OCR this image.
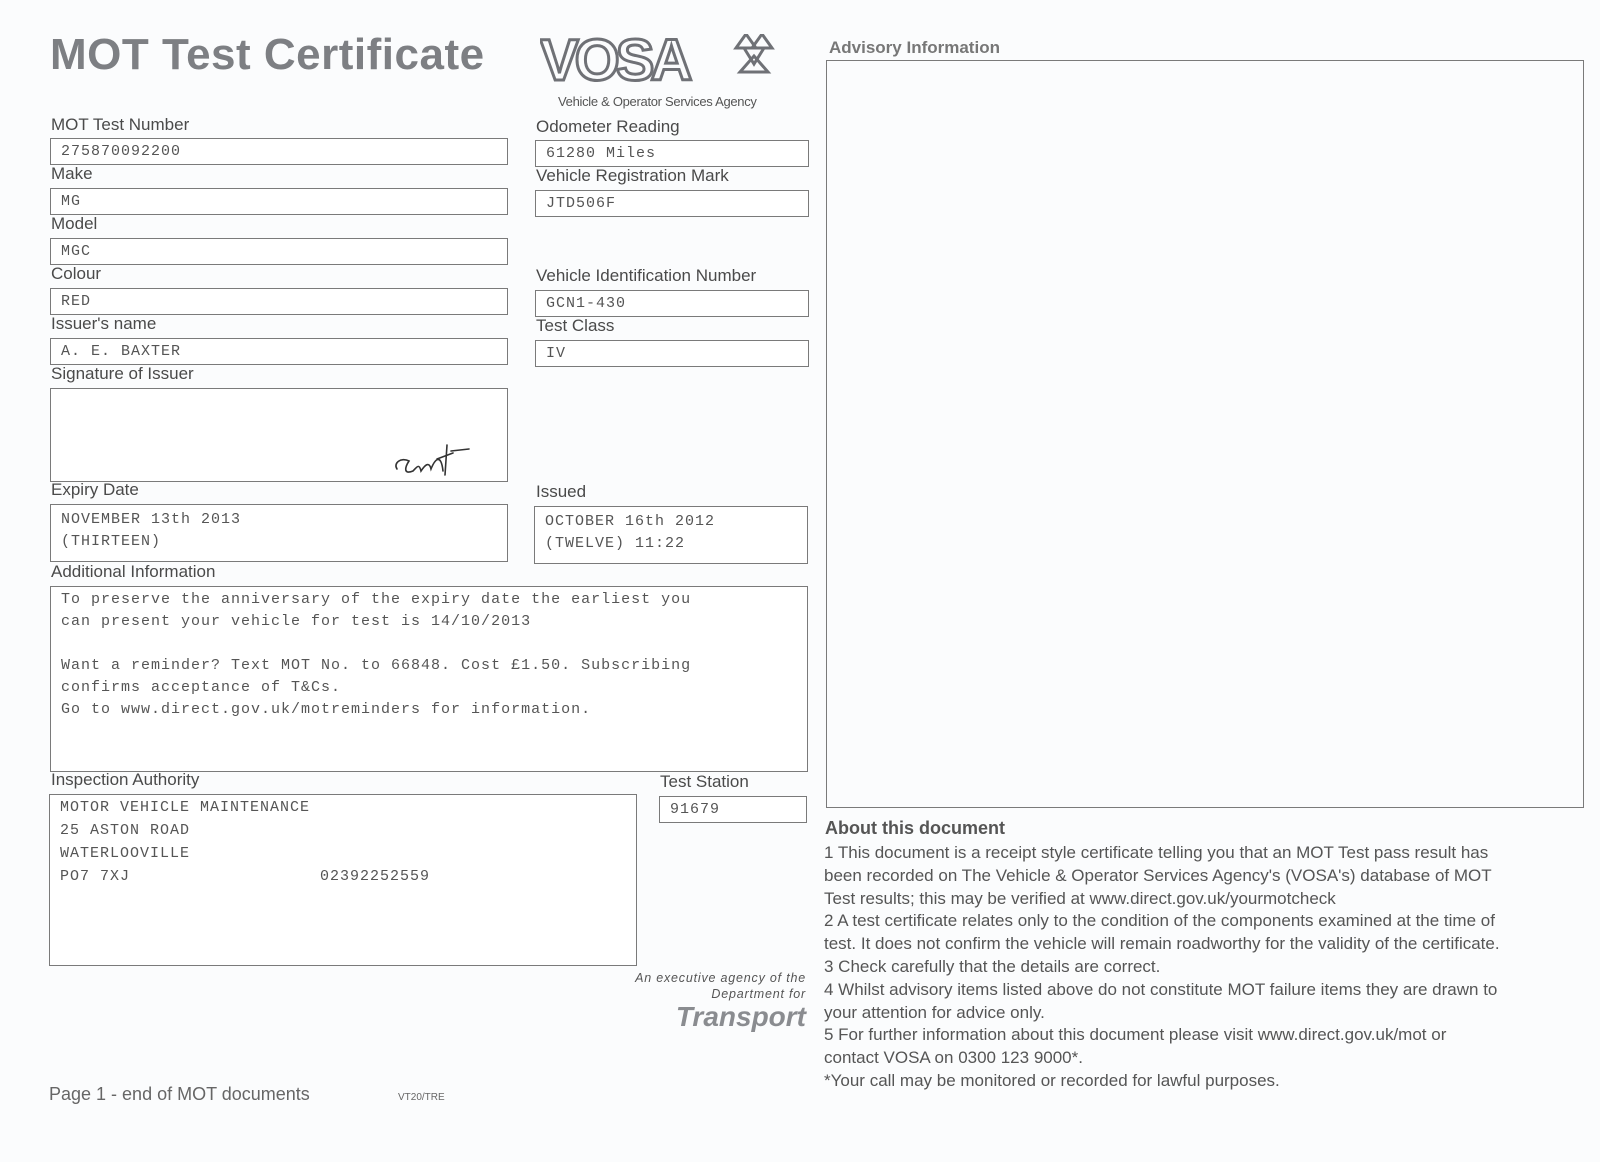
MOT Test Certificate VOSA
Vehicle & Operator Services Agency
MOT Test Number
275870092200
Make
MG
Model
MGC
Colour
RED
Issuer's name
A. E. BAXTER
Signature of Issuer

Expiry Date
NOVEMBER 13th 2013
(THIRTEEN)
Odometer Reading
61280 Miles
Vehicle Registration Mark
JTD506F
Vehicle Identification Number
GCN1-430
Test Class
IV
Issued
OCTOBER 16th 2012
(TWELVE) 11:22
Additional Information
To preserve the anniversary of the expiry date the earliest you
can present your vehicle for test is 14/10/2013

Want a reminder? Text MOT No. to 66848. Cost £1.50. Subscribing
confirms acceptance of T&Cs.
Go to www.direct.gov.uk/motreminders for information.
Inspection Authority
MOTOR VEHICLE MAINTENANCE
25 ASTON ROAD
WATERLOOVILLE
PO7 7XJ                   02392252559
Test Station
91679
An executive agency of the
Department for
Transport
Page 1 - end of MOT documents	VT20/TRE
Advisory Information
About this document
1 This document is a receipt style certificate telling you that an MOT Test pass result has
been recorded on The Vehicle & Operator Services Agency's (VOSA's) database of MOT
Test results; this may be verified at www.direct.gov.uk/yourmotcheck
2 A test certificate relates only to the condition of the components examined at the time of
test. It does not confirm the vehicle will remain roadworthy for the validity of the certificate.
3 Check carefully that the details are correct.
4 Whilst advisory items listed above do not constitute MOT failure items they are drawn to
your attention for advice only.
5 For further information about this document please visit www.direct.gov.uk/mot or
contact VOSA on 0300 123 9000*.
*Your call may be monitored or recorded for lawful purposes.
